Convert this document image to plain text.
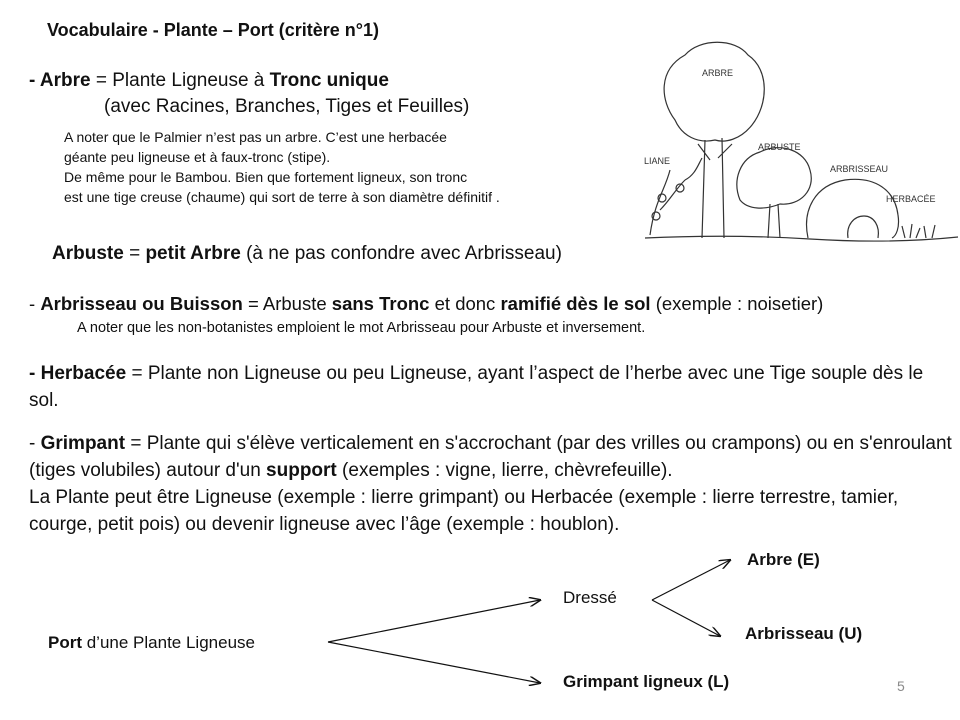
Vocabulaire - Plante – Port (critère n°1)
- Arbre = Plante Ligneuse à Tronc unique
(avec Racines, Branches, Tiges et Feuilles)
A noter que le Palmier n’est pas un arbre. C’est une herbacée
géante peu ligneuse et à faux-tronc (stipe).
De même pour le Bambou. Bien que fortement ligneux, son tronc
est une tige creuse (chaume) qui sort de terre à son diamètre définitif .
Arbuste = petit Arbre (à ne pas confondre avec Arbrisseau)
- Arbrisseau ou Buisson = Arbuste sans Tronc et donc ramifié dès le sol (exemple : noisetier)
A noter que les non-botanistes emploient le mot Arbrisseau pour Arbuste et inversement.
- Herbacée = Plante non Ligneuse ou peu Ligneuse, ayant l’aspect de l’herbe avec une Tige souple dès le sol.
- Grimpant = Plante qui s'élève verticalement en s'accrochant (par des vrilles ou crampons) ou en s'enroulant (tiges volubiles) autour d'un support (exemples : vigne, lierre, chèvrefeuille).
La Plante peut être Ligneuse (exemple : lierre grimpant) ou Herbacée (exemple : lierre terrestre, tamier, courge, petit pois) ou devenir ligneuse avec l’âge (exemple : houblon).
ARBRE
ARBUSTE
LIANE
ARBRISSEAU
HERBACÉE
Port d’une Plante Ligneuse
Dressé
Grimpant ligneux (L)
Arbre (E)
Arbrisseau (U)
5
